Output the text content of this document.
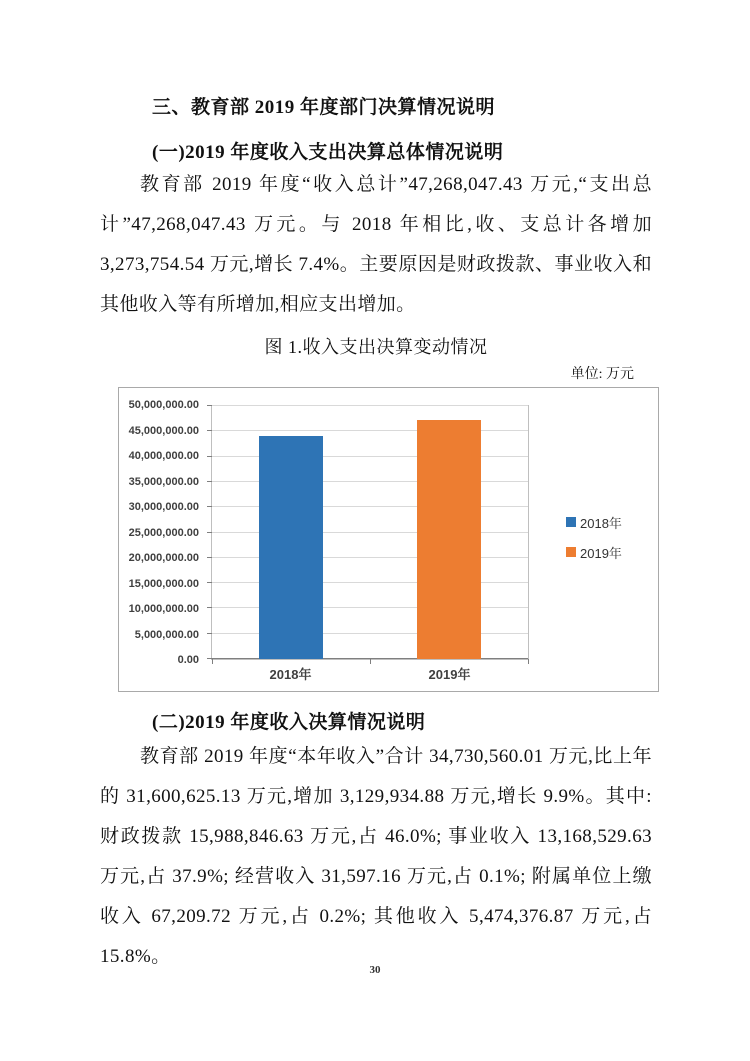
三、教育部 2019 年度部门决算情况说明
(一)2019 年度收入支出决算总体情况说明
教育部 2019 年度“收入总计”47,268,047.43 万元,“支出总计”47,268,047.43 万元。与 2018 年相比,收、支总计各增加 3,273,754.54 万元,增长 7.4%。主要原因是财政拨款、事业收入和其他收入等有所增加,相应支出增加。
图 1.收入支出决算变动情况
单位: 万元
0.00
5,000,000.00
10,000,000.00
15,000,000.00
20,000,000.00
25,000,000.00
30,000,000.00
35,000,000.00
40,000,000.00
45,000,000.00
50,000,000.00
2018年	2019年
2018年
2019年
(二)2019 年度收入决算情况说明
教育部 2019 年度“本年收入”合计 34,730,560.01 万元,比上年的 31,600,625.13 万元,增加 3,129,934.88 万元,增长 9.9%。其中: 财政拨款 15,988,846.63 万元,占 46.0%; 事业收入 13,168,529.63 万元,占 37.9%; 经营收入 31,597.16 万元,占 0.1%; 附属单位上缴收入 67,209.72 万元,占 0.2%; 其他收入 5,474,376.87 万元,占 15.8%。
30
